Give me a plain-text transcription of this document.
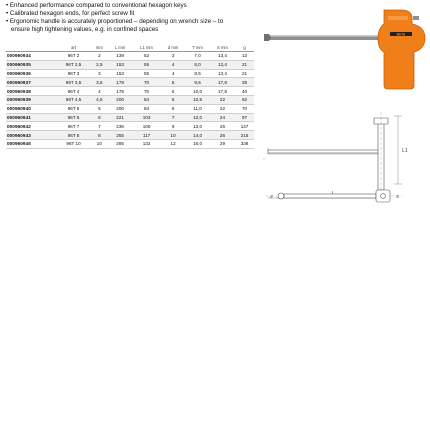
• Enhanced performance compared to conventional hexagon keys
• Calibrated hexagon ends, for perfect screw fit
• Ergonomic handle is accurately proportioned – depending on wrench size – to
ensure high tightening values, e.g. in confined spaces
	art	mm	L mm	L1 mm	d mm	T mm	S mm	g
000960934	96T 2	2	139	52	3	7,0	13,4	13
000960935	96T 2,5	2,5	153	55	4	8,0	13,4	21
000960936	96T 3	3	153	55	4	8,5	13,4	21
000960937	96T 3,5	3,5	179	70	5	9,5	17,8	38
000960938	96T 4	4	179	70	5	10,0	17,8	40
000960939	96T 4,5	4,5	200	84	6	10,5	22	62
000960940	96T 5	5	200	84	6	11,0	22	70
000960941	96T 6	6	221	103	7	12,0	24	97
000960942	96T 7	7	236	106	9	13,0	26	147
000960943	96T 8	8	255	117	10	14,0	26	215
000960945	96T 10	10	285	132	12	16,0	29	338
BETA
L1
d	S
